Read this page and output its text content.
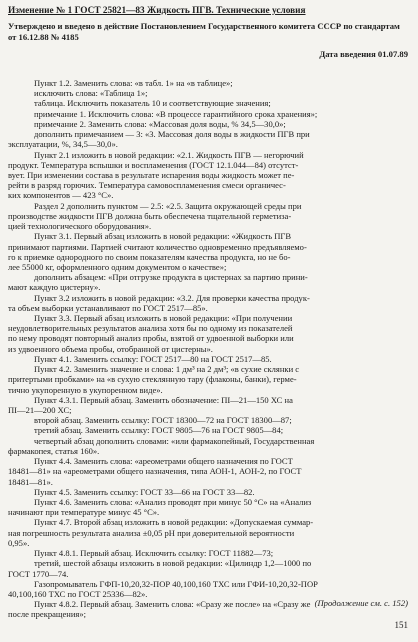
Изменение № 1 ГОСТ 25821—83 Жидкость ПГВ. Технические условия
Утверждено и введено в действие Постановлением Государственного комитета СССР по стандартам от 16.12.88 № 4185
Дата введения 01.07.89

Пункт 1.2. Заменить слова: «в табл. 1» на «в таблице»;

исключить слова: «Таблица 1»;

таблица. Исключить показатель 10 и соответствующие значения;

примечание 1. Исключить слова: «В процессе гарантийного срока хранения»;

примечание 2. Заменить слова: «Массовая доля воды, % 34,5—30,0»;

дополнить примечанием — 3: «3. Массовая доля воды в жидкости ПГВ при

эксплуатации, %, 34,5—30,0».

Пункт 2.1 изложить в новой редакции: «2.1. Жидкость ПГВ — негорючий

продукт. Температура вспышки и воспламенения (ГОСТ 12.1.044—84) отсутст-

вует. При изменении состава в результате испарения воды жидкость может пе-

рейти в разряд горючих. Температура самовоспламенения смеси органичес-

ких компонентов — 423 °С».

Раздел 2 дополнить пунктом — 2.5: «2.5. Защита окружающей среды при

производстве жидкости ПГВ должна быть обеспечена тщательной герметиза-

цией технологического оборудования».

Пункт 3.1. Первый абзац изложить в новой редакции: «Жидкость ПГВ

принимают партиями. Партией считают количество одновременно предъявляемо-

го к приемке однородного по своим показателям качества продукта, но не бо-

лее 55000 кг, оформленного одним документом о качестве»;

дополнить абзацем: «При отгрузке продукта в цистернах за партию прини-

мают каждую цистерну».

Пункт 3.2 изложить в новой редакции: «3.2. Для проверки качества продук-

та объем выборки устанавливают по ГОСТ 2517—85».

Пункт 3.3. Первый абзац изложить в новой редакции: «При получении

неудовлетворительных результатов анализа хотя бы по одному из показателей

по нему проводят повторный анализ пробы, взятой от удвоенной выборки или

из удвоенного объема пробы, отобранной от цистерны».

Пункт 4.1. Заменить ссылку: ГОСТ 2517—80 на ГОСТ 2517—85.

Пункт 4.2. Заменить значение и слова: 1 дм³ на 2 дм³; «в сухие склянки с

притертыми пробками» на «в сухую стеклянную тару (флаконы, банки), герме-

тично укупоренную в укупоренном виде».

Пункт 4.3.1. Первый абзац. Заменить обозначение: ПI—21—150 ХС на

ПI—21—200 ХС;

второй абзац. Заменить ссылку: ГОСТ 18300—72 на ГОСТ 18300—87;

третий абзац. Заменить ссылку: ГОСТ 9805—76 на ГОСТ 9805—84;

четвертый абзац дополнить словами: «или фармакопейный, Государственная

фармакопея, статья 160».

Пункт 4.4. Заменить слова: «ареометрами общего назначения по ГОСТ

18481—81» на «ареометрами общего назначения, типа АОН-1, АОН-2, по ГОСТ

18481—81».

Пункт 4.5. Заменить ссылку: ГОСТ 33—66 на ГОСТ 33—82.

Пункт 4.6. Заменить слова: «Анализ проводят при минус 50 °С» на «Анализ

начинают при температуре минус 45 °С».

Пункт 4.7. Второй абзац изложить в новой редакции: «Допускаемая суммар-

ная погрешность результата анализа ±0,05 pH при доверительной вероятности

0,95».

Пункт 4.8.1. Первый абзац. Исключить ссылку: ГОСТ 11882—73;

третий, шестой абзацы изложить в новой редакции: «Цилиндр 1,2—1000 по

ГОСТ 1770—74.

Газопромыватель ГФП-10,20,32-ПОР 40,100,160 ТХС или ГФИ-10,20,32-ПОР

40,100,160 ТХС по ГОСТ 25336—82».

Пункт 4.8.2. Первый абзац. Заменить слова: «Сразу же после» на «Сразу же

после прекращения»;

(Продолжение см. с. 152)
151
